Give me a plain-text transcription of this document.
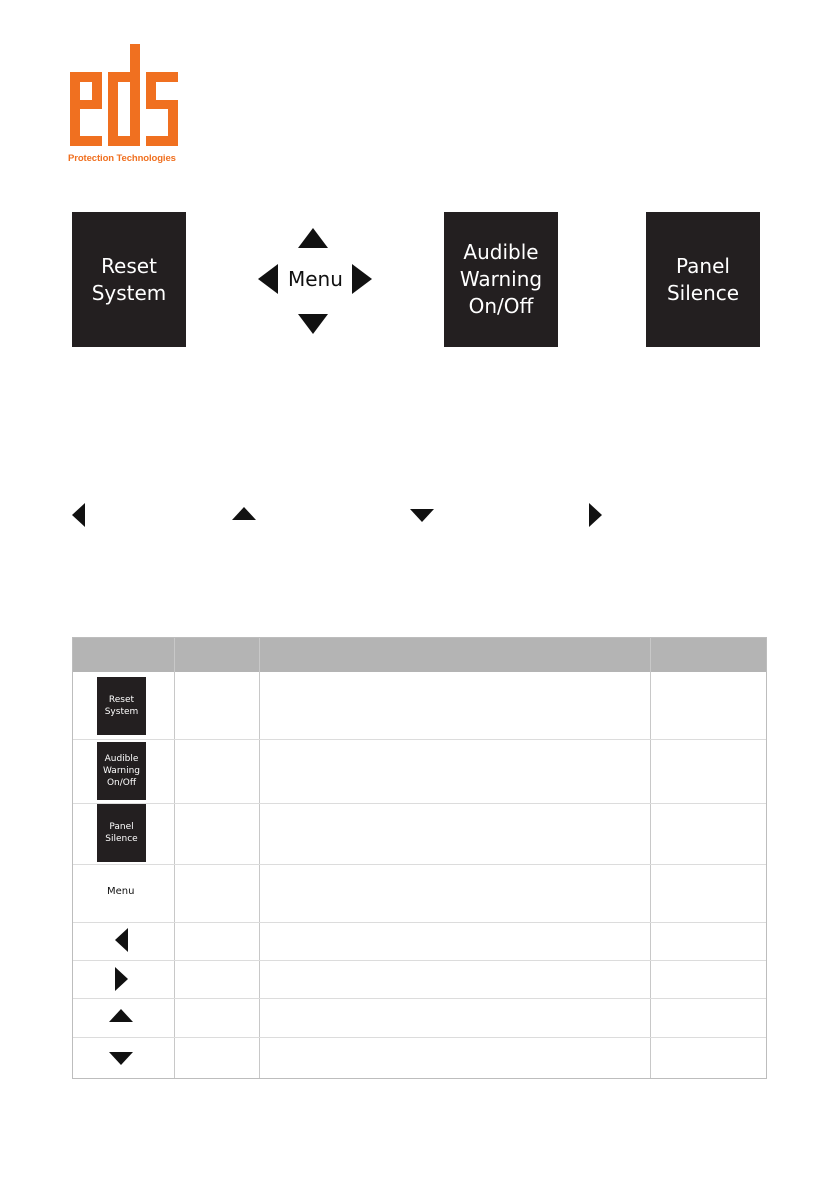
Protection Technologies
Reset
System
Menu
Audible
Warning
On/Off
Panel
Silence
Reset
System
Audible
Warning
On/Off
Panel
Silence
Menu
